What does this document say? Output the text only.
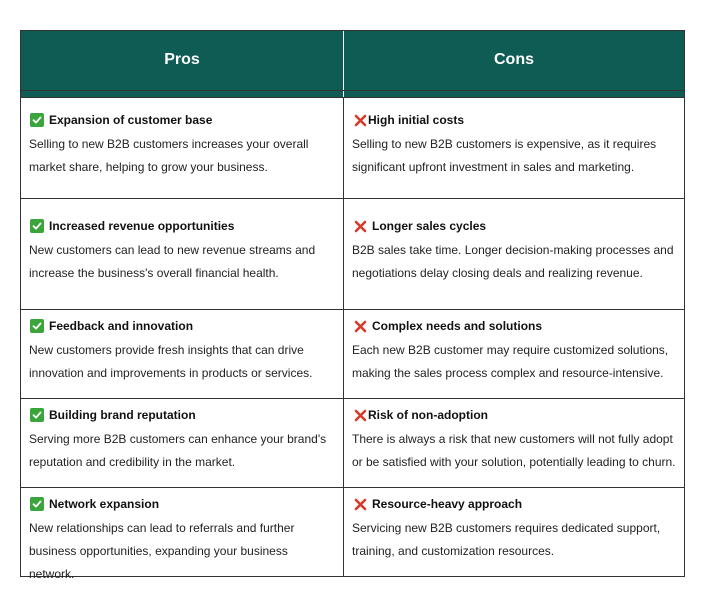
Pros	Cons
Expansion of customer base
Selling to new B2B customers increases your overall market share, helping to grow your business.
High initial costs
Selling to new B2B customers is expensive, as it requires significant upfront investment in sales and marketing.
Increased revenue opportunities
New customers can lead to new revenue streams and increase the business's overall financial health.
Longer sales cycles
B2B sales take time. Longer decision-making processes and negotiations delay closing deals and realizing revenue.
Feedback and innovation
New customers provide fresh insights that can drive innovation and improvements in products or services.
Complex needs and solutions
Each new B2B customer may require customized solutions, making the sales process complex and resource-intensive.
Building brand reputation
Serving more B2B customers can enhance your brand's reputation and credibility in the market.
Risk of non-adoption
There is always a risk that new customers will not fully adopt or be satisfied with your solution, potentially leading to churn.
Network expansion
New relationships can lead to referrals and further business opportunities, expanding your business network.
Resource-heavy approach
Servicing new B2B customers requires dedicated support, training, and customization resources.
